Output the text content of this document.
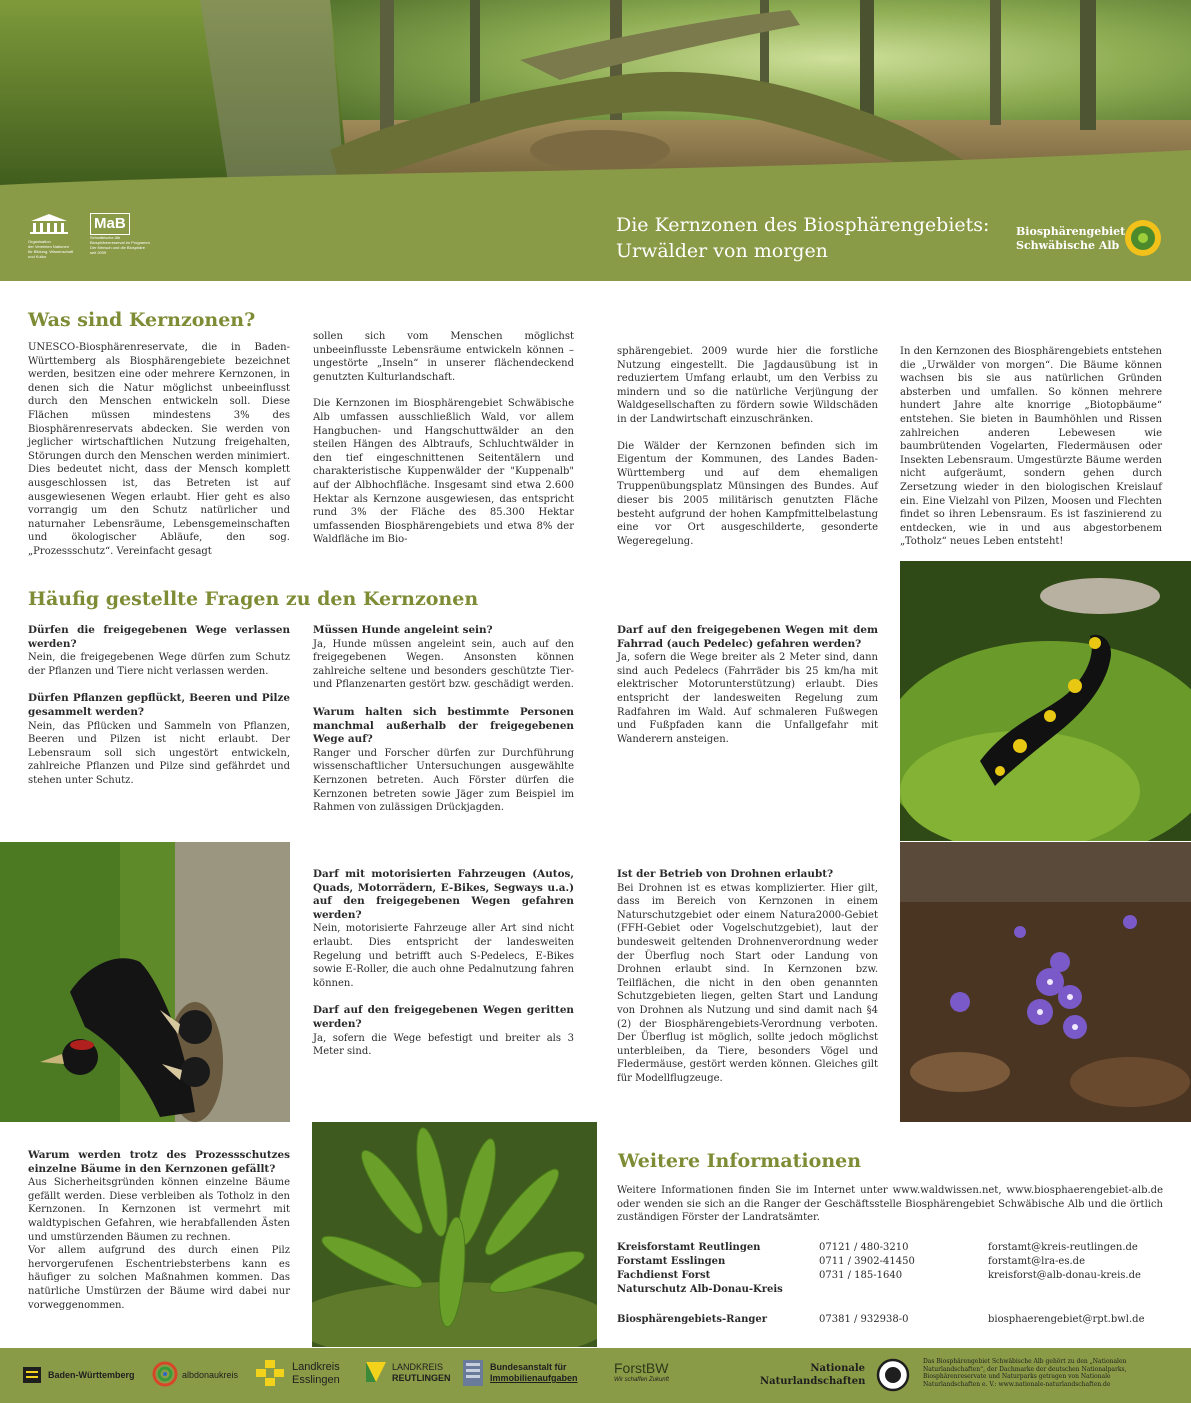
Organisation
der Vereinten Nationen
für Bildung, Wissenschaft
und Kultur
MaB
Schwäbische Alb
Biosphärenreservat im Programm
Der Mensch und die Biosphäre
seit 2009
Die Kernzonen des Biosphärengebiets:
Urwälder von morgen
Biosphärengebiet
Schwäbische Alb
Was sind Kernzonen?

UNESCO-Biosphärenreservate, die in Baden-Württemberg als Biosphärengebiete bezeichnet werden, besitzen eine oder mehrere Kernzonen, in denen sich die Natur möglichst unbeeinflusst durch den Menschen entwickeln soll. Diese Flächen müssen mindestens 3% des Biosphärenreservats abdecken. Sie werden von jeglicher wirtschaftlichen Nutzung freigehalten, Störungen durch den Menschen werden minimiert. Dies bedeutet nicht, dass der Mensch komplett ausgeschlossen ist, das Betreten ist auf ausgewiesenen Wegen erlaubt. Hier geht es also vorrangig um den Schutz natürlicher und naturnaher Lebensräume, Lebensgemeinschaften und ökologischer Abläufe, den sog. „Prozessschutz“. Vereinfacht gesagt

sollen sich vom Menschen möglichst unbeeinflusste Lebensräume entwickeln können – ungestörte „Inseln“ in unserer flächendeckend genutzten Kulturlandschaft.

Die Kernzonen im Biosphärengebiet Schwäbische Alb umfassen ausschließlich Wald, vor allem Hangbuchen- und Hangschuttwälder an den steilen Hängen des Albtraufs, Schluchtwälder in den tief eingeschnittenen Seitentälern und charakteristische Kuppenwälder der "Kuppenalb" auf der Albhochfläche. Insgesamt sind etwa 2.600 Hektar als Kernzone ausgewiesen, das entspricht rund 3% der Fläche des 85.300 Hektar umfassenden Biosphärengebiets und etwa 8% der Waldfläche im Bio-

sphärengebiet. 2009 wurde hier die forstliche Nutzung eingestellt. Die Jagdausübung ist in reduziertem Umfang erlaubt, um den Verbiss zu mindern und so die natürliche Verjüngung der Waldgesellschaften zu fördern sowie Wildschäden in der Landwirtschaft einzuschränken.

Die Wälder der Kernzonen befinden sich im Eigentum der Kommunen, des Landes Baden-Württemberg und auf dem ehemaligen Truppenübungsplatz Münsingen des Bundes. Auf dieser bis 2005 militärisch genutzten Fläche besteht aufgrund der hohen Kampfmittelbelastung eine vor Ort ausgeschilderte, gesonderte Wegeregelung.

In den Kernzonen des Biosphärengebiets entstehen die „Urwälder von morgen“. Die Bäume können wachsen bis sie aus natürlichen Gründen absterben und umfallen. So können mehrere hundert Jahre alte knorrige „Biotopbäume“ entstehen. Sie bieten in Baumhöhlen und Rissen zahlreichen anderen Lebewesen wie baumbrütenden Vogelarten, Fledermäusen oder Insekten Lebensraum. Umgestürzte Bäume werden nicht aufgeräumt, sondern gehen durch Zersetzung wieder in den biologischen Kreislauf ein. Eine Vielzahl von Pilzen, Moosen und Flechten findet so ihren Lebensraum. Es ist faszinierend zu entdecken, wie in und aus abgestorbenem „Totholz“ neues Leben entsteht!

Häufig gestellte Fragen zu den Kernzonen

Dürfen die freigegebenen Wege verlassen werden?

Nein, die freigegebenen Wege dürfen zum Schutz der Pflanzen und Tiere nicht verlassen werden.

Dürfen Pflanzen gepflückt, Beeren und Pilze gesammelt werden?

Nein, das Pflücken und Sammeln von Pflanzen, Beeren und Pilzen ist nicht erlaubt. Der Lebensraum soll sich ungestört entwickeln, zahlreiche Pflanzen und Pilze sind gefährdet und stehen unter Schutz.

Müssen Hunde angeleint sein?

Ja, Hunde müssen angeleint sein, auch auf den freigegebenen Wegen. Ansonsten können zahlreiche seltene und besonders geschützte Tier- und Pflanzenarten gestört bzw. geschädigt werden.

Warum halten sich bestimmte Personen manchmal außerhalb der freigegebenen Wege auf?

Ranger und Forscher dürfen zur Durchführung wissenschaftlicher Untersuchungen ausgewählte Kernzonen betreten. Auch Förster dürfen die Kernzonen betreten sowie Jäger zum Beispiel im Rahmen von zulässigen Drückjagden.

Darf auf den freigegebenen Wegen mit dem Fahrrad (auch Pedelec) gefahren werden?

Ja, sofern die Wege breiter als 2 Meter sind, dann sind auch Pedelecs (Fahrräder bis 25 km/ha mit elektrischer Motorunterstützung) erlaubt. Dies entspricht der landesweiten Regelung zum Radfahren im Wald. Auf schmaleren Fußwegen und Fußpfaden kann die Unfallgefahr mit Wanderern ansteigen.

Darf mit motorisierten Fahrzeugen (Autos, Quads, Motorrädern, E-Bikes, Segways u.a.) auf den freigegebenen Wegen gefahren werden?

Nein, motorisierte Fahrzeuge aller Art sind nicht erlaubt. Dies entspricht der landesweiten Regelung und betrifft auch S-Pedelecs, E-Bikes sowie E-Roller, die auch ohne Pedalnutzung fahren können.

Darf auf den freigegebenen Wegen geritten werden?

Ja, sofern die Wege befestigt und breiter als 3 Meter sind.

Ist der Betrieb von Drohnen erlaubt?

Bei Drohnen ist es etwas komplizierter. Hier gilt, dass im Bereich von Kernzonen in einem Naturschutzgebiet oder einem Natura2000-Gebiet (FFH-Gebiet oder Vogelschutzgebiet), laut der bundesweit geltenden Drohnenverordnung weder der Überflug noch Start oder Landung von Drohnen erlaubt sind. In Kernzonen bzw. Teilflächen, die nicht in den oben genannten Schutzgebieten liegen, gelten Start und Landung von Drohnen als Nutzung und sind damit nach §4 (2) der Biosphärengebiets-Verordnung verboten. Der Überflug ist möglich, sollte jedoch möglichst unterbleiben, da Tiere, besonders Vögel und Fledermäuse, gestört werden können. Gleiches gilt für Modellflugzeuge.

Warum werden trotz des Prozessschutzes einzelne Bäume in den Kernzonen gefällt?

Aus Sicherheitsgründen können einzelne Bäume gefällt werden. Diese verbleiben als Totholz in den Kernzonen. In Kernzonen ist vermehrt mit waldtypischen Gefahren, wie herabfallenden Ästen und umstürzenden Bäumen zu rechnen.

Vor allem aufgrund des durch einen Pilz hervorgerufenen Eschentriebsterbens kann es häufiger zu solchen Maßnahmen kommen. Das natürliche Umstürzen der Bäume wird dabei nur vorweggenommen.

Weitere Informationen

Weitere Informationen finden Sie im Internet unter www.waldwissen.net, www.biosphaerengebiet-alb.de oder wenden sie sich an die Ranger der Geschäftsstelle Biosphärengebiet Schwäbische Alb und die örtlich zuständigen Förster der Landratsämter.

Kreisforstamt Reutlingen	07121 / 480-3210	forstamt@kreis-reutlingen.de
Forstamt Esslingen	0711 / 3902-41450	forstamt@lra-es.de
Fachdienst Forst	0731 / 185-1640	kreisforst@alb-donau-kreis.de
Naturschutz Alb-Donau-Kreis
Biosphärengebiets-Ranger	07381 / 932938-0	biosphaerengebiet@rpt.bwl.de
Baden-Württemberg	albdonaukreis
Landkreis
Esslingen
LANDKREIS
REUTLINGEN
Bundesanstalt für
Immobilienaufgaben
ForstBW
Wir schaffen Zukunft
Nationale
Naturlandschaften
Das Biosphärengebiet Schwäbische Alb gehört zu den „Nationalen Naturlandschaften“, der Dachmarke der deutschen Nationalparks, Biosphärenreservate und Naturparks getragen von Nationale Naturlandschaften e. V.: www.nationale-naturlandschaften.de
